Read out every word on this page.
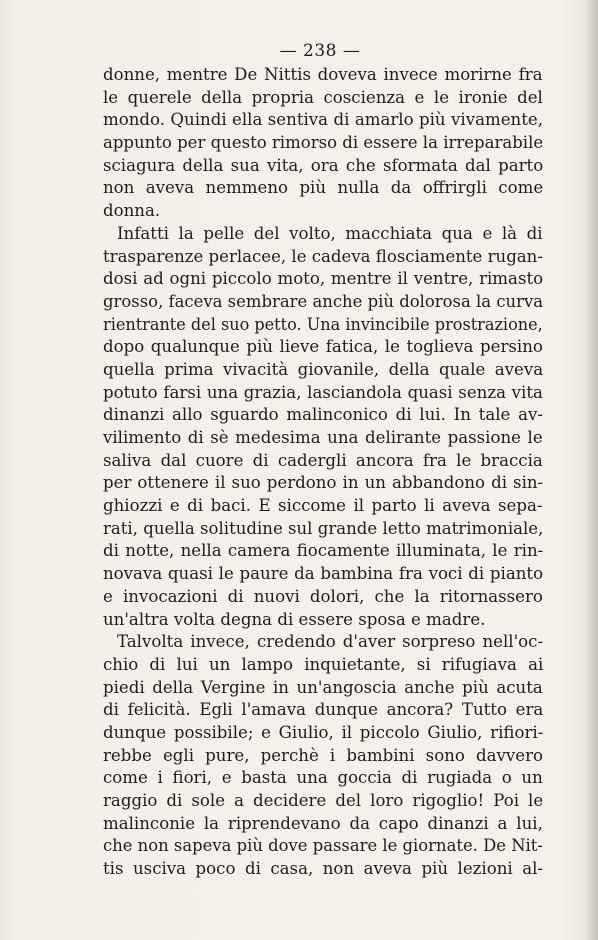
— 238 —
donne, mentre De Nittis doveva invece morirne fra
le querele della propria coscienza e le ironie del
mondo. Quindi ella sentiva di amarlo più vivamente,
appunto per questo rimorso di essere la irreparabile
sciagura della sua vita, ora che sformata dal parto
non aveva nemmeno più nulla da offrirgli come
donna.
Infatti la pelle del volto, macchiata qua e là di
trasparenze perlacee, le cadeva flosciamente rugan-
dosi ad ogni piccolo moto, mentre il ventre, rimasto
grosso, faceva sembrare anche più dolorosa la curva
rientrante del suo petto. Una invincibile prostrazione,
dopo qualunque più lieve fatica, le toglieva persino
quella prima vivacità giovanile, della quale aveva
potuto farsi una grazia, lasciandola quasi senza vita
dinanzi allo sguardo malinconico di lui. In tale av-
vilimento di sè medesima una delirante passione le
saliva dal cuore di cadergli ancora fra le braccia
per ottenere il suo perdono in un abbandono di sin-
ghiozzi e di baci. E siccome il parto li aveva sepa-
rati, quella solitudine sul grande letto matrimoniale,
di notte, nella camera fiocamente illuminata, le rin-
novava quasi le paure da bambina fra voci di pianto
e invocazioni di nuovi dolori, che la ritornassero
un'altra volta degna di essere sposa e madre.
Talvolta invece, credendo d'aver sorpreso nell'oc-
chio di lui un lampo inquietante, si rifugiava ai
piedi della Vergine in un'angoscia anche più acuta
di felicità. Egli l'amava dunque ancora? Tutto era
dunque possibile; e Giulio, il piccolo Giulio, rifiori-
rebbe egli pure, perchè i bambini sono davvero
come i fiori, e basta una goccia di rugiada o un
raggio di sole a decidere del loro rigoglio! Poi le
malinconie la riprendevano da capo dinanzi a lui,
che non sapeva più dove passare le giornate. De Nit-
tis usciva poco di casa, non aveva più lezioni al-
